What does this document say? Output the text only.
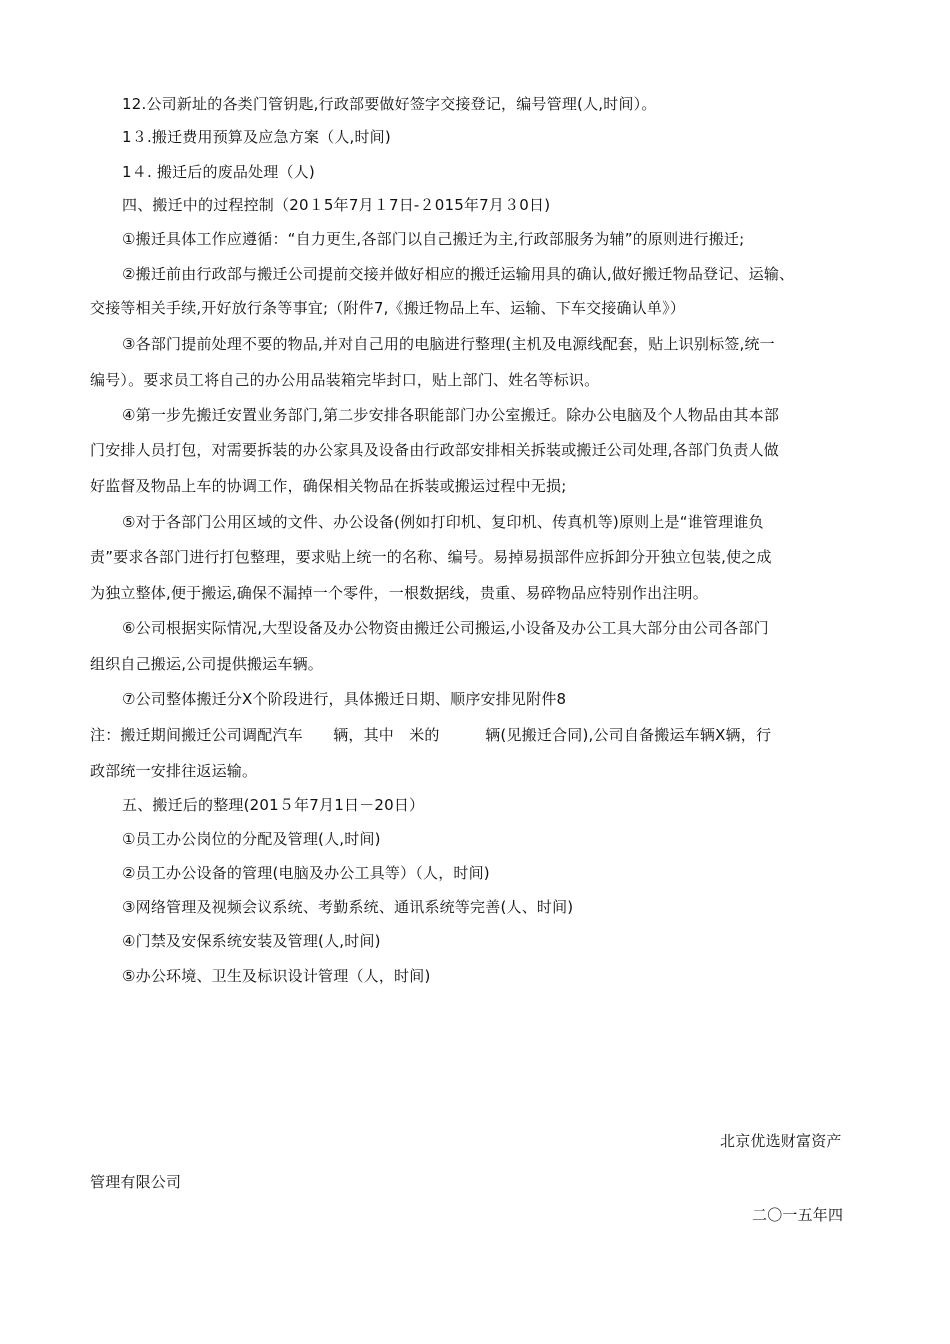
12.公司新址的各类门管钥匙,行政部要做好签字交接登记，编号管理(人,时间）。
1３.搬迁费用预算及应急方案（人,时间)
1４. 搬迁后的废品处理（人)
四、搬迁中的过程控制（20１5年7月１7日-２015年7月３0日)
①搬迁具体工作应遵循：“自力更生,各部门以自己搬迁为主,行政部服务为辅”的原则进行搬迁;
②搬迁前由行政部与搬迁公司提前交接并做好相应的搬迁运输用具的确认,做好搬迁物品登记、运输、
交接等相关手续,开好放行条等事宜;（附件7,《搬迁物品上车、运输、下车交接确认单》）
③各部门提前处理不要的物品,并对自己用的电脑进行整理(主机及电源线配套，贴上识别标签,统一
编号）。要求员工将自己的办公用品装箱完毕封口，贴上部门、姓名等标识。
④第一步先搬迁安置业务部门,第二步安排各职能部门办公室搬迁。除办公电脑及个人物品由其本部
门安排人员打包，对需要拆装的办公家具及设备由行政部安排相关拆装或搬迁公司处理,各部门负责人做
好监督及物品上车的协调工作，确保相关物品在拆装或搬运过程中无损;
⑤对于各部门公用区域的文件、办公设备(例如打印机、复印机、传真机等)原则上是“谁管理谁负
责”要求各部门进行打包整理，要求贴上统一的名称、编号。易掉易损部件应拆卸分开独立包装,使之成
为独立整体,便于搬运,确保不漏掉一个零件，一根数据线，贵重、易碎物品应特别作出注明。
⑥公司根据实际情况,大型设备及办公物资由搬迁公司搬运,小设备及办公工具大部分由公司各部门
组织自己搬运,公司提供搬运车辆。
⑦公司整体搬迁分X个阶段进行，具体搬迁日期、顺序安排见附件8
注：搬迁期间搬迁公司调配汽车　　辆，其中　米的　　　辆(见搬迁合同),公司自备搬运车辆X辆，行
政部统一安排往返运输。
五、搬迁后的整理(201５年7月1日－20日）
①员工办公岗位的分配及管理(人,时间)
②员工办公设备的管理(电脑及办公工具等）（人，时间)
③网络管理及视频会议系统、考勤系统、通讯系统等完善(人、时间)
④门禁及安保系统安装及管理(人,时间)
⑤办公环境、卫生及标识设计管理（人，时间)
北京优选财富资产
管理有限公司
二〇一五年四
